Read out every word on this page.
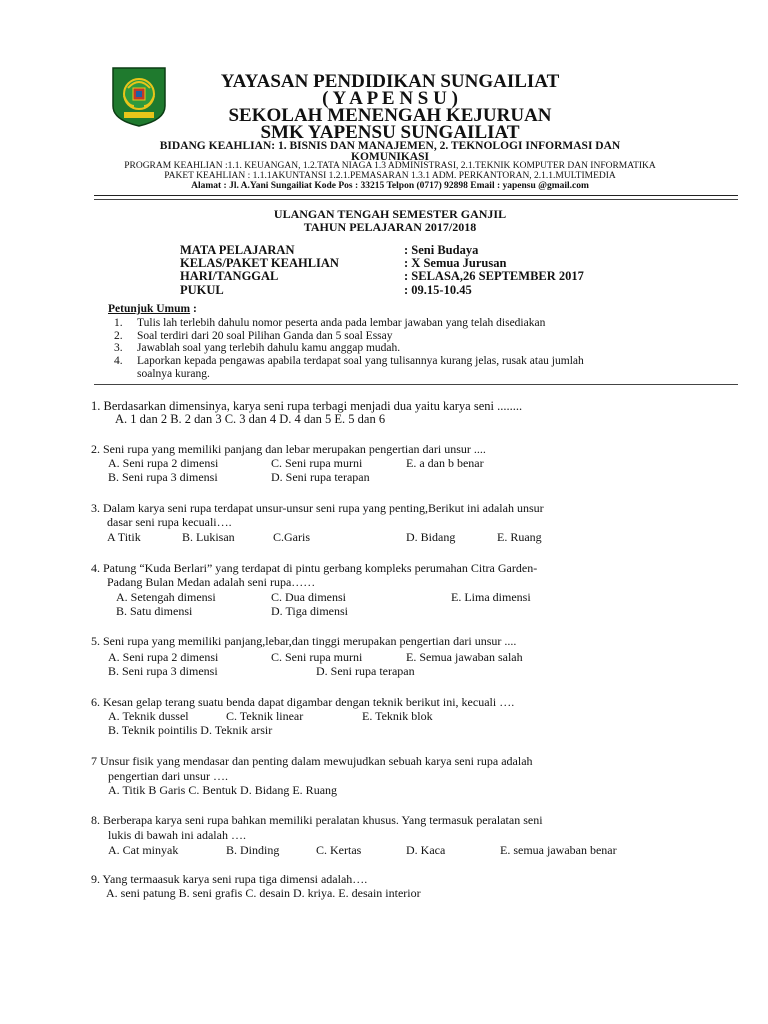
YAYASAN PENDIDIKAN SUNGAILIAT
( Y A P E N S U )
SEKOLAH MENENGAH KEJURUAN
SMK YAPENSU SUNGAILIAT
BIDANG KEAHLIAN: 1. BISNIS DAN MANAJEMEN, 2. TEKNOLOGI INFORMASI DAN
KOMUNIKASI
PROGRAM KEAHLIAN :1.1. KEUANGAN, 1.2.TATA NIAGA 1.3 ADMINISTRASI, 2.1.TEKNIK KOMPUTER DAN INFORMATIKA
PAKET KEAHLIAN : 1.1.1AKUNTANSI 1.2.1.PEMASARAN 1.3.1 ADM. PERKANTORAN, 2.1.1.MULTIMEDIA
Alamat : Jl. A.Yani Sungailiat Kode Pos : 33215 Telpon (0717) 92898 Email : yapensu @gmail.com
ULANGAN TENGAH SEMESTER GANJIL
TAHUN PELAJARAN 2017/2018
MATA PELAJARAN	: Seni Budaya
KELAS/PAKET KEAHLIAN	: X Semua Jurusan
HARI/TANGGAL	: SELASA,26 SEPTEMBER 2017
PUKUL	: 09.15-10.45
Petunjuk Umum :
1. Tulis lah terlebih dahulu nomor peserta anda pada lembar jawaban yang telah disediakan
2. Soal terdiri dari 20 soal Pilihan Ganda dan 5 soal Essay
3. Jawablah soal yang terlebih dahulu kamu anggap mudah.
4. Laporkan kepada pengawas apabila terdapat soal yang tulisannya kurang jelas, rusak atau jumlah
soalnya kurang.
1. Berdasarkan dimensinya, karya seni rupa terbagi menjadi dua yaitu karya seni ........
A. 1 dan 2 B. 2 dan 3 C. 3 dan 4 D. 4 dan 5 E. 5 dan 6
2. Seni rupa yang memiliki panjang dan lebar merupakan pengertian dari unsur ....
A. Seni rupa 2 dimensi	C. Seni rupa murni	E. a dan b benar
B. Seni rupa 3 dimensi	D. Seni rupa terapan
3. Dalam karya seni rupa terdapat unsur-unsur seni rupa yang penting,Berikut ini adalah unsur
dasar seni rupa kecuali….
A Titik	B. Lukisan	C.Garis	D. Bidang	E. Ruang
4. Patung “Kuda Berlari” yang terdapat di pintu gerbang kompleks perumahan Citra Garden-
Padang Bulan Medan adalah seni rupa……
A. Setengah dimensi	C. Dua dimensi	E. Lima dimensi
B. Satu dimensi	D. Tiga dimensi
5. Seni rupa yang memiliki panjang,lebar,dan tinggi merupakan pengertian dari unsur ....
A. Seni rupa 2 dimensi	C. Seni rupa murni	E. Semua jawaban salah
B. Seni rupa 3 dimensi	D. Seni rupa terapan
6. Kesan gelap terang suatu benda dapat digambar dengan teknik berikut ini, kecuali ….
A. Teknik dussel	C. Teknik linear	E. Teknik blok
B. Teknik pointilis D. Teknik arsir
7 Unsur fisik yang mendasar dan penting dalam mewujudkan sebuah karya seni rupa adalah
pengertian dari unsur ….
A. Titik B Garis C. Bentuk D. Bidang E. Ruang
8. Berberapa karya seni rupa bahkan memiliki peralatan khusus. Yang termasuk peralatan seni
lukis di bawah ini adalah ….
A. Cat minyak	B. Dinding	C. Kertas	D. Kaca	E. semua jawaban benar
9. Yang termaasuk karya seni rupa tiga dimensi adalah….
A. seni patung B. seni grafis C. desain D. kriya. E. desain interior
